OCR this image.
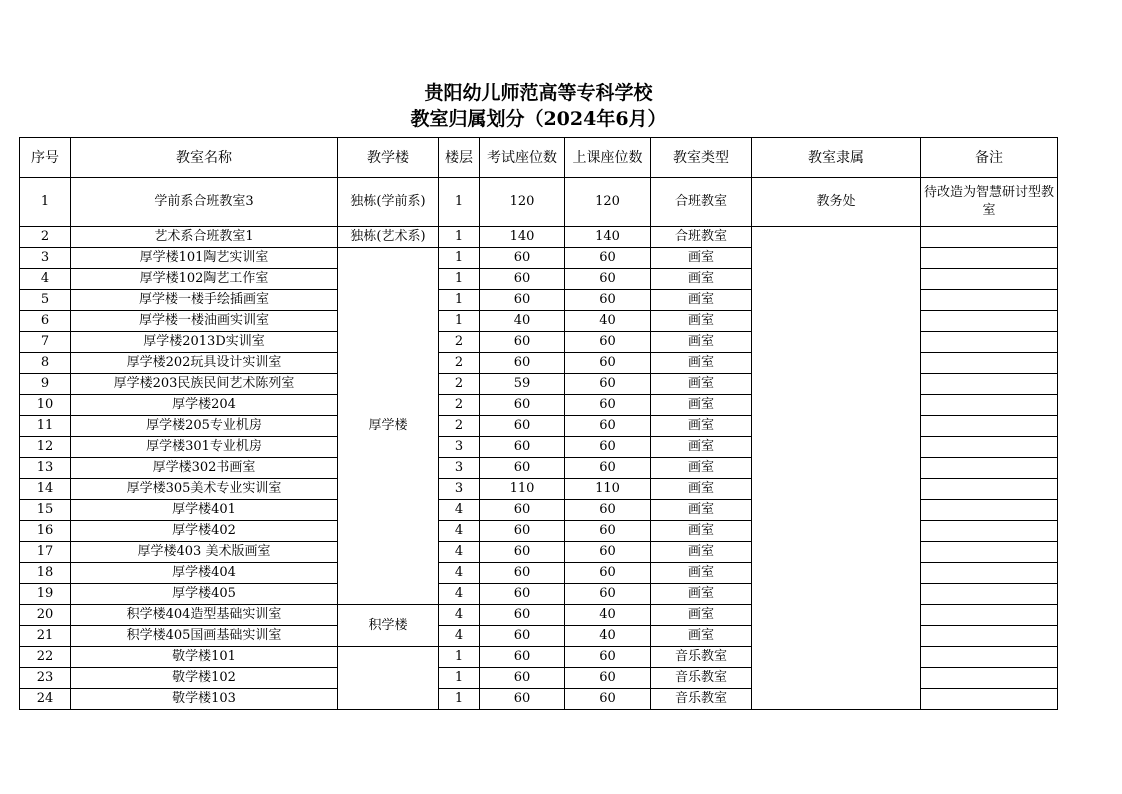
贵阳幼儿师范高等专科学校
教室归属划分（2024年6月）
序号	教室名称	教学楼	楼层	考试座位数	上课座位数	教室类型	教室隶属	备注
1	学前系合班教室3	独栋(学前系)	1	120	120	合班教室	教务处	待改造为智慧研讨型教室
2	艺术系合班教室1	独栋(艺术系)	1	140	140	合班教室		
3	厚学楼101陶艺实训室	厚学楼	1	60	60	画室		
4	厚学楼102陶艺工作室		1	60	60	画室		
5	厚学楼一楼手绘插画室		1	60	60	画室		
6	厚学楼一楼油画实训室		1	40	40	画室		
7	厚学楼2013D实训室		2	60	60	画室		
8	厚学楼202玩具设计实训室		2	60	60	画室		
9	厚学楼203民族民间艺术陈列室		2	59	60	画室		
10	厚学楼204		2	60	60	画室		
11	厚学楼205专业机房		2	60	60	画室		
12	厚学楼301专业机房		3	60	60	画室		
13	厚学楼302书画室		3	60	60	画室		
14	厚学楼305美术专业实训室		3	110	110	画室		
15	厚学楼401		4	60	60	画室		
16	厚学楼402		4	60	60	画室		
17	厚学楼403 美术版画室		4	60	60	画室		
18	厚学楼404		4	60	60	画室		
19	厚学楼405		4	60	60	画室		
20	积学楼404造型基础实训室	积学楼	4	60	40	画室		
21	积学楼405国画基础实训室		4	60	40	画室		
22	敬学楼101		1	60	60	音乐教室		
23	敬学楼102		1	60	60	音乐教室		
24	敬学楼103		1	60	60	音乐教室		
